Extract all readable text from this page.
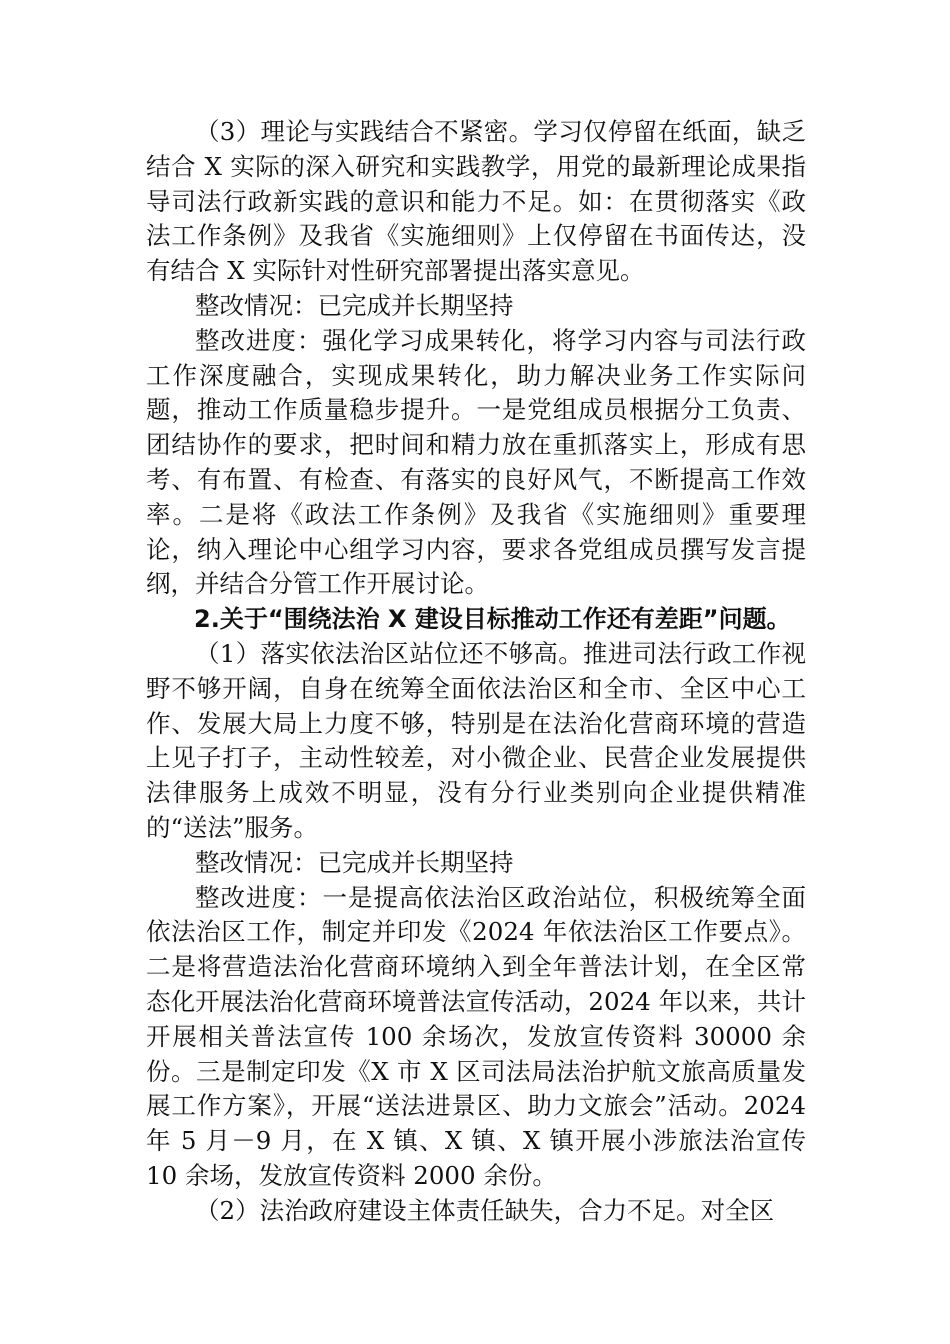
（3）理论与实践结合不紧密。学习仅停留在纸面，缺乏结合 X 实际的深入研究和实践教学，用党的最新理论成果指导司法行政新实践的意识和能力不足。如：在贯彻落实《政法工作条例》及我省《实施细则》上仅停留在书面传达，没有结合 X 实际针对性研究部署提出落实意见。

整改情况：已完成并长期坚持

整改进度：强化学习成果转化，将学习内容与司法行政工作深度融合，实现成果转化，助力解决业务工作实际问题，推动工作质量稳步提升。一是党组成员根据分工负责、团结协作的要求，把时间和精力放在重抓落实上，形成有思考、有布置、有检查、有落实的良好风气，不断提高工作效率。二是将《政法工作条例》及我省《实施细则》重要理论，纳入理论中心组学习内容，要求各党组成员撰写发言提纲，并结合分管工作开展讨论。

2.关于“围绕法治 X 建设目标推动工作还有差距”问题。

（1）落实依法治区站位还不够高。推进司法行政工作视野不够开阔，自身在统筹全面依法治区和全市、全区中心工作、发展大局上力度不够，特别是在法治化营商环境的营造上见子打子，主动性较差，对小微企业、民营企业发展提供法律服务上成效不明显，没有分行业类别向企业提供精准的“送法”服务。

整改情况：已完成并长期坚持

整改进度：一是提高依法治区政治站位，积极统筹全面依法治区工作，制定并印发《2024 年依法治区工作要点》。二是将营造法治化营商环境纳入到全年普法计划，在全区常态化开展法治化营商环境普法宣传活动，2024 年以来，共计开展相关普法宣传 100 余场次，发放宣传资料 30000 余份。三是制定印发《X 市 X 区司法局法治护航文旅高质量发展工作方案》，开展“送法进景区、助力文旅会”活动。2024 年 5 月－9 月，在 X 镇、X 镇、X 镇开展小涉旅法治宣传 10 余场，发放宣传资料 2000 余份。

（2）法治政府建设主体责任缺失，合力不足。对全区
